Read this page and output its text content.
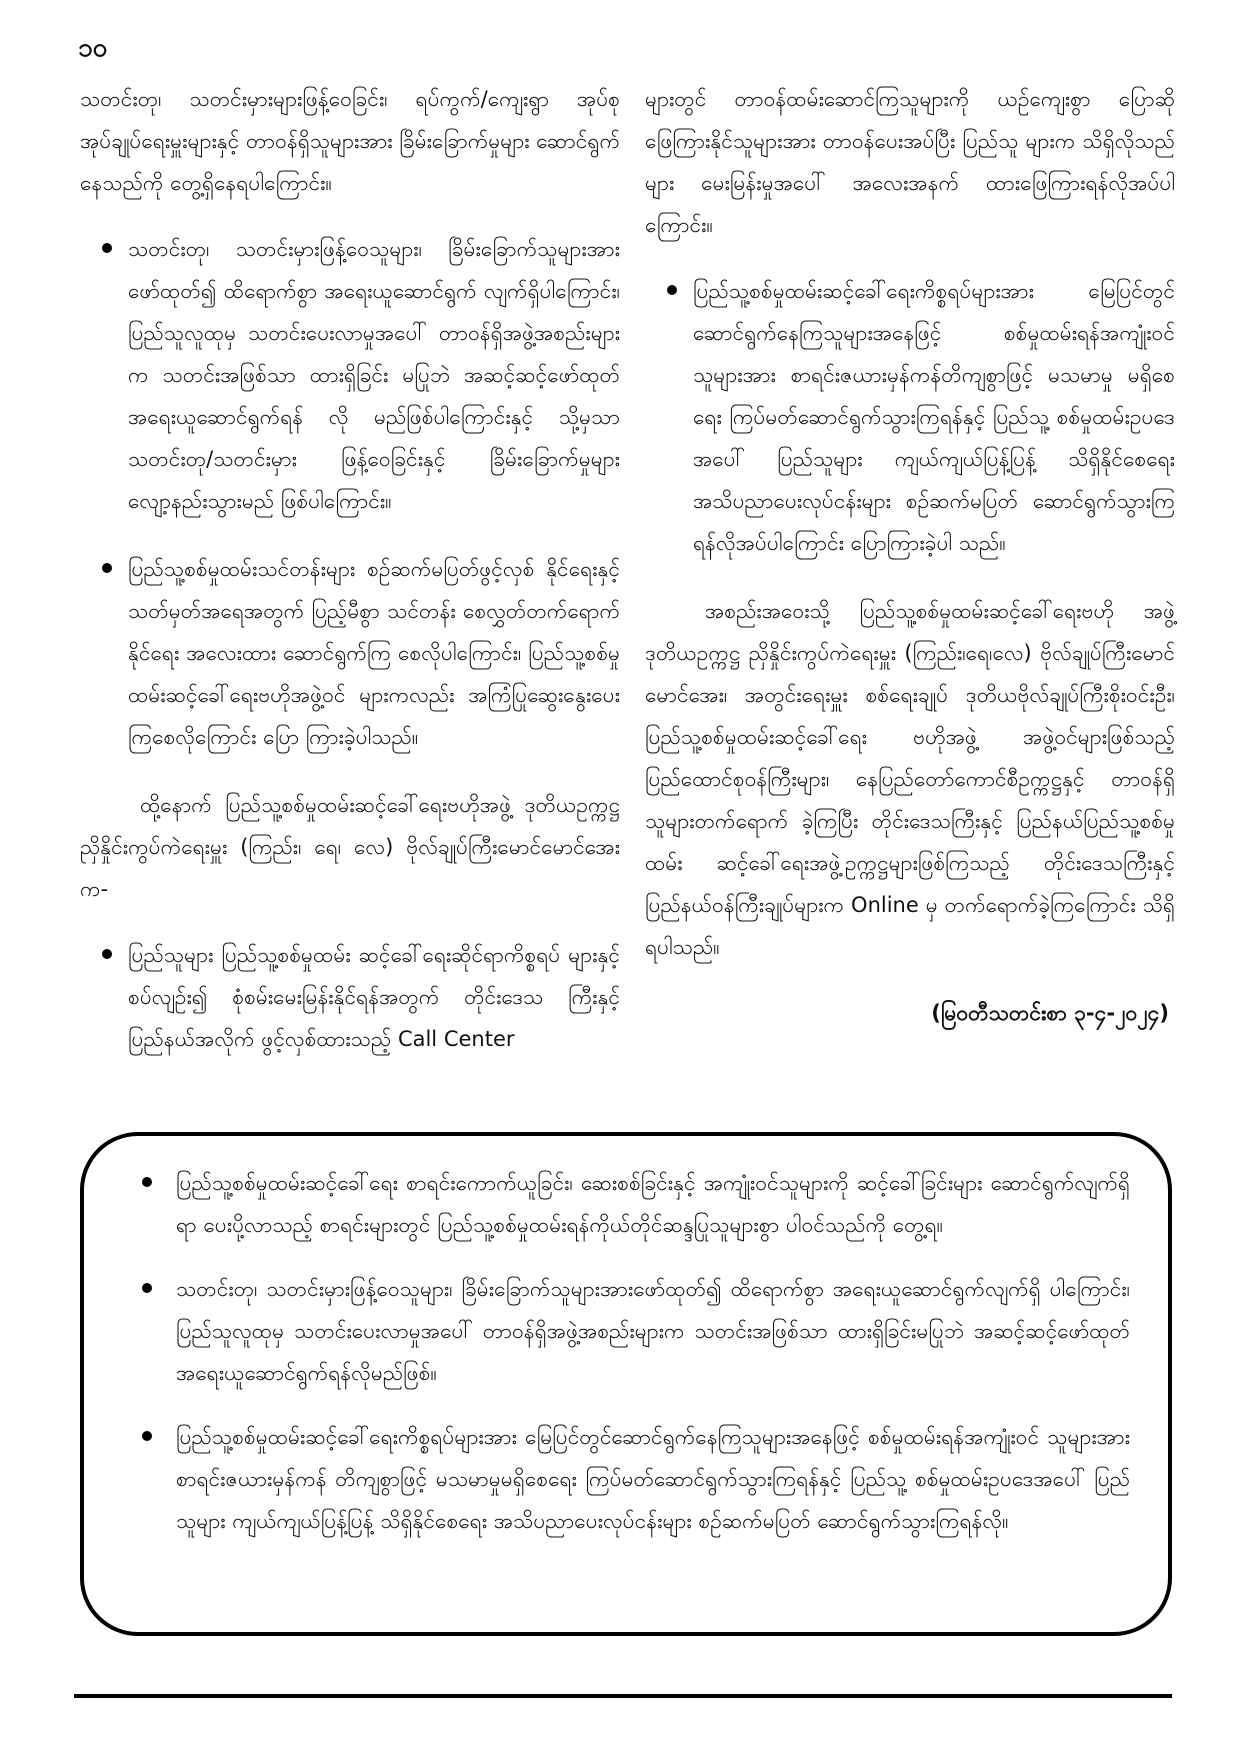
၁၀

သတင်းတု၊ သတင်းမှားများဖြန့်ဝေခြင်း၊ ရပ်ကွက်/ကျေးရွာ အုပ်စု အုပ်ချုပ်ရေးမှူးများနှင့် တာဝန်ရှိသူများအား ခြိမ်းခြောက်မှုများ ဆောင်ရွက်နေသည်ကို တွေ့ရှိနေရပါကြောင်း။

သတင်းတု၊ သတင်းမှားဖြန့်ဝေသူများ၊ ခြိမ်းခြောက်သူများအား ဖော်ထုတ်၍ ထိရောက်စွာ အရေးယူဆောင်ရွက် လျက်ရှိပါကြောင်း၊ ပြည်သူလူထုမှ သတင်းပေးလာမှုအပေါ် တာဝန်ရှိအဖွဲ့အစည်းများက သတင်းအဖြစ်သာ ထားရှိခြင်း မပြုဘဲ အဆင့်ဆင့်ဖော်ထုတ်အရေးယူဆောင်ရွက်ရန် လို မည်ဖြစ်ပါကြောင်းနှင့် သို့မှသာသတင်းတု/သတင်းမှား ဖြန့်ဝေခြင်းနှင့် ခြိမ်းခြောက်မှုများ လျော့နည်းသွားမည် ဖြစ်ပါကြောင်း။
ပြည်သူ့စစ်မှုထမ်းသင်တန်းများ စဉ်ဆက်မပြတ်ဖွင့်လှစ် နိုင်ရေးနှင့် သတ်မှတ်အရေအတွက် ပြည့်မီစွာ သင်တန်း စေလွှတ်တက်ရောက်နိုင်ရေး အလေးထား ဆောင်ရွက်ကြ စေလိုပါကြောင်း၊ ပြည်သူ့စစ်မှုထမ်းဆင့်ခေါ်ရေးဗဟိုအဖွဲ့ဝင် များကလည်း အကြံပြုဆွေးနွေးပေးကြစေလိုကြောင်း ပြော ကြားခဲ့ပါသည်။

ထို့နောက် ပြည်သူ့စစ်မှုထမ်းဆင့်ခေါ်ရေးဗဟိုအဖွဲ့ ဒုတိယဥက္ကဋ္ဌ ညှိနှိုင်းကွပ်ကဲရေးမှူး (ကြည်း၊ ရေ၊ လေ) ဗိုလ်ချုပ်ကြီးမောင်မောင်အေးက-

ပြည်သူများ ပြည်သူ့စစ်မှုထမ်း ဆင့်ခေါ်ရေးဆိုင်ရာကိစ္စရပ် များနှင့်စပ်လျဉ်း၍ စုံစမ်းမေးမြန်းနိုင်ရန်အတွက် တိုင်းဒေသ ကြီးနှင့်ပြည်နယ်အလိုက် ဖွင့်လှစ်ထားသည့် Call Center

များတွင် တာဝန်ထမ်းဆောင်ကြသူများကို ယဉ်ကျေးစွာ ပြောဆိုဖြေကြားနိုင်သူများအား တာဝန်ပေးအပ်ပြီး ပြည်သူ များက သိရှိလိုသည်များ မေးမြန်းမှုအပေါ် အလေးအနက် ထားဖြေကြားရန်လိုအပ်ပါကြောင်း။

ပြည်သူ့စစ်မှုထမ်းဆင့်ခေါ်ရေးကိစ္စရပ်များအား မြေပြင်တွင် ဆောင်ရွက်နေကြသူများအနေဖြင့် စစ်မှုထမ်းရန်အကျုံးဝင် သူများအား စာရင်းဇယားမှန်ကန်တိကျစွာဖြင့် မသမာမှု မရှိစေရေး ကြပ်မတ်ဆောင်ရွက်သွားကြရန်နှင့် ပြည်သူ့ စစ်မှုထမ်းဥပဒေအပေါ် ပြည်သူများ ကျယ်ကျယ်ပြန့်ပြန့် သိရှိနိုင်စေရေး အသိပညာပေးလုပ်ငန်းများ စဉ်ဆက်မပြတ် ဆောင်ရွက်သွားကြရန်လိုအပ်ပါကြောင်း ပြောကြားခဲ့ပါ သည်။

အစည်းအဝေးသို့ ပြည်သူ့စစ်မှုထမ်းဆင့်ခေါ်ရေးဗဟို အဖွဲ့ ဒုတိယဥက္ကဋ္ဌ ညှိနှိုင်းကွပ်ကဲရေးမှူး (ကြည်း၊ရေ၊လေ) ဗိုလ်ချုပ်ကြီးမောင်မောင်အေး၊ အတွင်းရေးမှူး စစ်ရေးချုပ် ဒုတိယဗိုလ်ချုပ်ကြီးစိုးဝင်းဦး၊ ပြည်သူ့စစ်မှုထမ်းဆင့်ခေါ်ရေး ဗဟိုအဖွဲ့ အဖွဲ့ဝင်များဖြစ်သည့် ပြည်ထောင်စုဝန်ကြီးများ၊ နေပြည်တော်ကောင်စီဥက္ကဋ္ဌနှင့် တာဝန်ရှိသူများတက်ရောက် ခဲ့ကြပြီး တိုင်းဒေသကြီးနှင့် ပြည်နယ်ပြည်သူ့စစ်မှုထမ်း ဆင့်ခေါ်ရေးအဖွဲ့ဥက္ကဋ္ဌများဖြစ်ကြသည့် တိုင်းဒေသကြီးနှင့် ပြည်နယ်ဝန်ကြီးချုပ်များက Online မှ တက်ရောက်ခဲ့ကြကြောင်း သိရှိရပါသည်။

(မြဝတီသတင်းစာ ၃-၄-၂၀၂၄)

ပြည်သူ့စစ်မှုထမ်းဆင့်ခေါ်ရေး စာရင်းကောက်ယူခြင်း၊ ဆေးစစ်ခြင်းနှင့် အကျုံးဝင်သူများကို ဆင့်ခေါ်ခြင်းများ ဆောင်ရွက်လျက်ရှိရာ ပေးပို့လာသည့် စာရင်းများတွင် ပြည်သူ့စစ်မှုထမ်းရန်ကိုယ်တိုင်ဆန္ဒပြုသူများစွာ ပါဝင်သည်ကို တွေ့ရ။
သတင်းတု၊ သတင်းမှားဖြန့်ဝေသူများ၊ ခြိမ်းခြောက်သူများအားဖော်ထုတ်၍ ထိရောက်စွာ အရေးယူဆောင်ရွက်လျက်ရှိ ပါကြောင်း၊ ပြည်သူလူထုမှ သတင်းပေးလာမှုအပေါ် တာဝန်ရှိအဖွဲ့အစည်းများက သတင်းအဖြစ်သာ ထားရှိခြင်းမပြုဘဲ အဆင့်ဆင့်ဖော်ထုတ်အရေးယူဆောင်ရွက်ရန်လိုမည်ဖြစ်။
ပြည်သူ့စစ်မှုထမ်းဆင့်ခေါ်ရေးကိစ္စရပ်များအား မြေပြင်တွင်ဆောင်ရွက်နေကြသူများအနေဖြင့် စစ်မှုထမ်းရန်အကျုံးဝင် သူများအား စာရင်းဇယားမှန်ကန် တိကျစွာဖြင့် မသမာမှုမရှိစေရေး ကြပ်မတ်ဆောင်ရွက်သွားကြရန်နှင့် ပြည်သူ့ စစ်မှုထမ်းဥပဒေအပေါ် ပြည်သူများ ကျယ်ကျယ်ပြန့်ပြန့် သိရှိနိုင်စေရေး အသိပညာပေးလုပ်ငန်းများ စဉ်ဆက်မပြတ် ဆောင်ရွက်သွားကြရန်လို။
